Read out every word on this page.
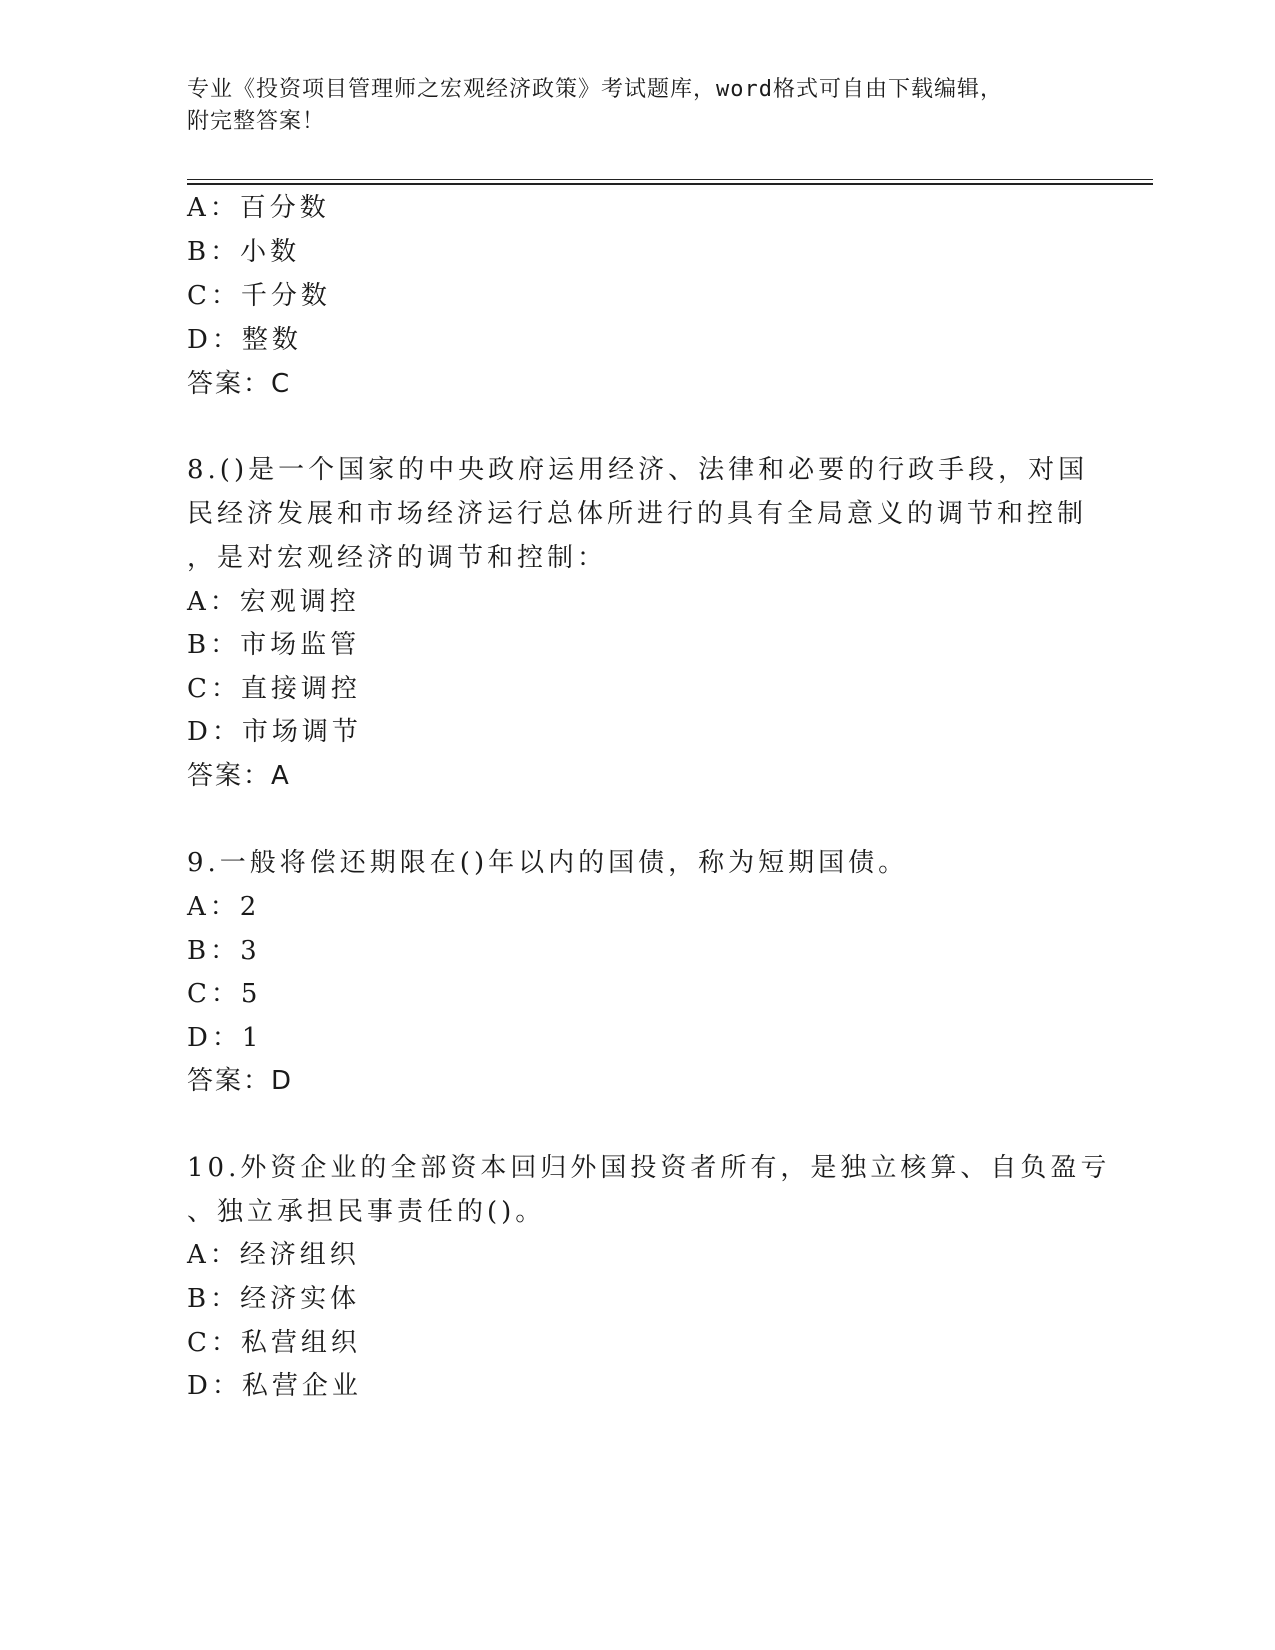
专业《投资项目管理师之宏观经济政策》考试题库，word格式可自由下载编辑，
附完整答案！
A：百分数
B：小数
C：千分数
D：整数
答案：C
8.()是一个国家的中央政府运用经济、法律和必要的行政手段，对国
民经济发展和市场经济运行总体所进行的具有全局意义的调节和控制
，是对宏观经济的调节和控制：
A：宏观调控
B：市场监管
C：直接调控
D：市场调节
答案：A
9.一般将偿还期限在()年以内的国债，称为短期国债。
A：2
B：3
C：5
D：1
答案：D
10.外资企业的全部资本回归外国投资者所有，是独立核算、自负盈亏
、独立承担民事责任的()。
A：经济组织
B：经济实体
C：私营组织
D：私营企业
